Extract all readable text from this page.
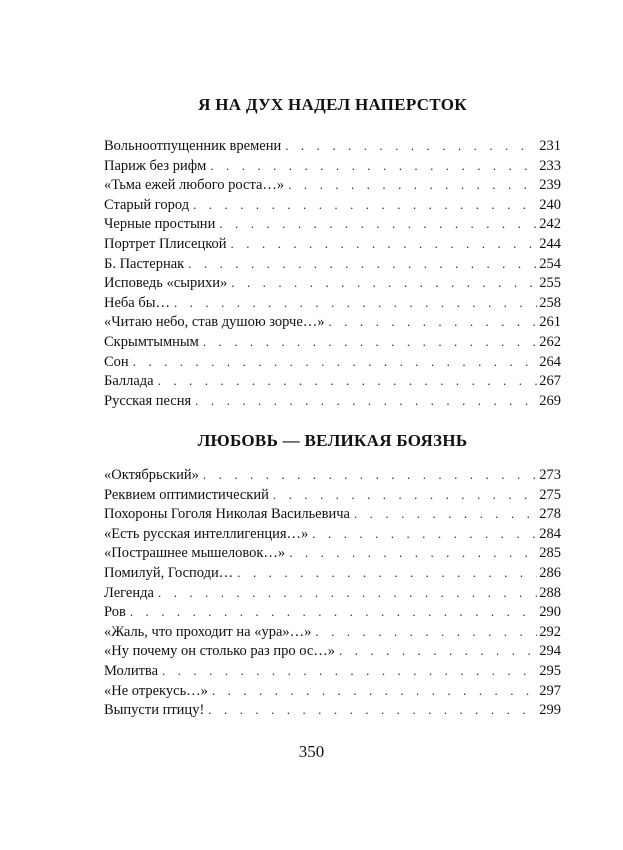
Я НА ДУХ НАДЕЛ НАПЕРСТОК
Вольноотпущенник времени . . .	231
Париж без рифм . . .	233
«Тьма ежей любого роста…» . . .	239
Старый город . . .	240
Черные простыни . . .	242
Портрет Плисецкой . . .	244
Б. Пастернак . . .	254
Исповедь «сырихи» . . .	255
Неба бы… . . .	258
«Читаю небо, став душою зорче…» . . .	261
Скрымтымным . . .	262
Сон . . .	264
Баллада . . .	267
Русская песня . . .	269
ЛЮБОВЬ — ВЕЛИКАЯ БОЯЗНЬ
«Октябрьский» . . .	273
Реквием оптимистический . . .	275
Похороны Гоголя Николая Васильевича . . .	278
«Есть русская интеллигенция…» . . .	284
«Пострашнее мышеловок…» . . .	285
Помилуй, Господи… . . .	286
Легенда . . .	288
Ров . . .	290
«Жаль, что проходит на «ура»…» . . .	292
«Ну почему он столько раз про ос…» . . .	294
Молитва . . .	295
«Не отрекусь…» . . .	297
Выпусти птицу! . . .	299
350
